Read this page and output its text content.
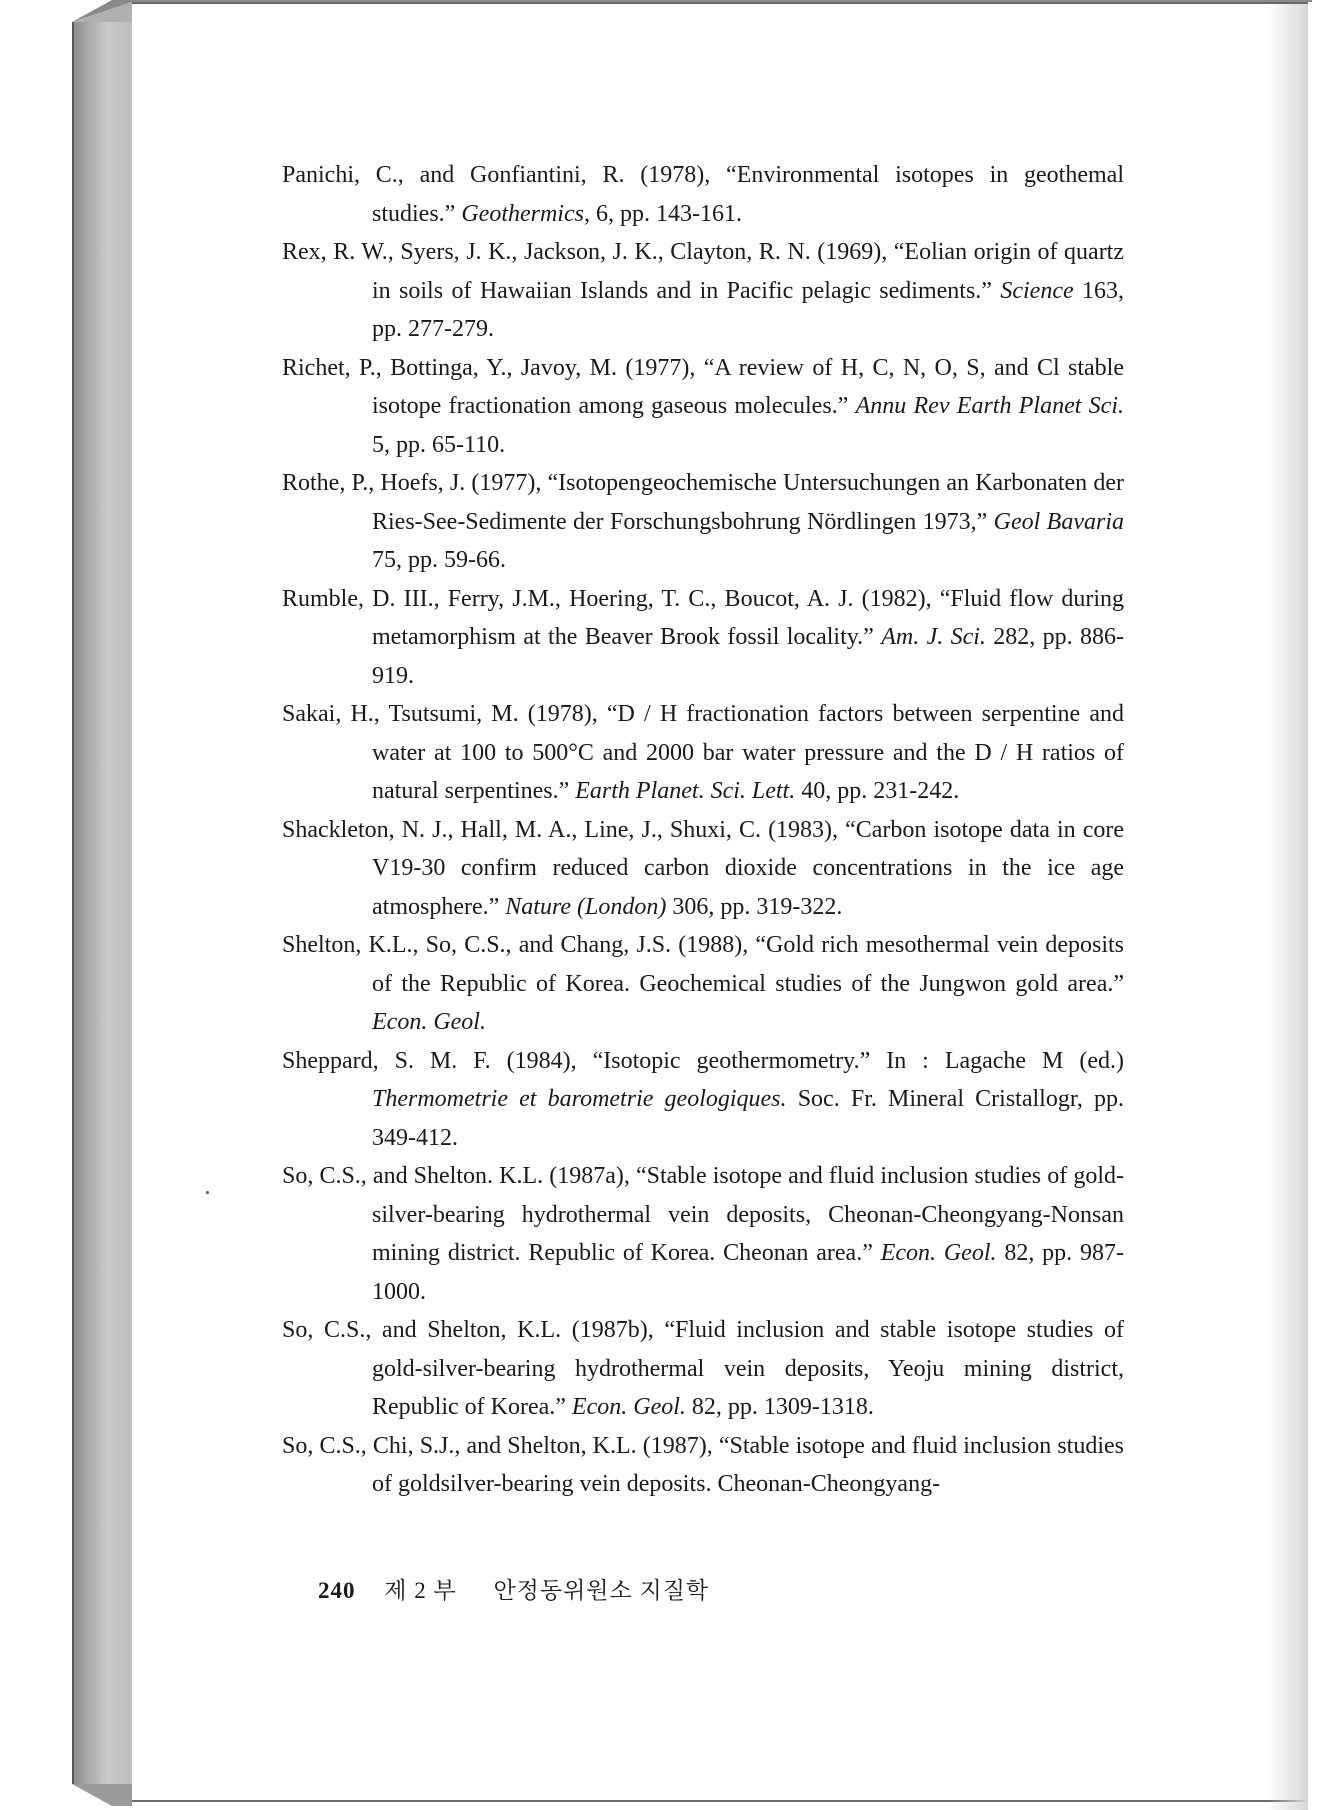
Panichi, C., and Gonfiantini, R. (1978), “Environmental isotopes in geothemal studies.” Geothermics, 6, pp. 143-161.

Rex, R. W., Syers, J. K., Jackson, J. K., Clayton, R. N. (1969), “Eolian origin of quartz in soils of Hawaiian Islands and in Pacific pelagic sediments.” Science 163, pp. 277-279.

Richet, P., Bottinga, Y., Javoy, M. (1977), “A review of H, C, N, O, S, and Cl stable isotope fractionation among gaseous molecules.” Annu Rev Earth Planet Sci. 5, pp. 65-110.

Rothe, P., Hoefs, J. (1977), “Isotopengeochemische Untersuchungen an Karbonaten der Ries-See-Sedimente der Forschungsbohrung Nördlingen 1973,” Geol Bavaria 75, pp. 59-66.

Rumble, D. III., Ferry, J.M., Hoering, T. C., Boucot, A. J. (1982), “Fluid flow during metamorphism at the Beaver Brook fossil locality.” Am. J. Sci. 282, pp. 886-919.

Sakai, H., Tsutsumi, M. (1978), “D / H fractionation factors between serpentine and water at 100 to 500°C and 2000 bar water pressure and the D / H ratios of natural serpentines.” Earth Planet. Sci. Lett. 40, pp. 231-242.

Shackleton, N. J., Hall, M. A., Line, J., Shuxi, C. (1983), “Carbon isotope data in core V19-30 confirm reduced carbon dioxide concentrations in the ice age atmosphere.” Nature (London) 306, pp. 319-322.

Shelton, K.L., So, C.S., and Chang, J.S. (1988), “Gold rich mesothermal vein deposits of the Republic of Korea. Geochemical studies of the Jungwon gold area.” Econ. Geol.

Sheppard, S. M. F. (1984), “Isotopic geothermometry.” In : Lagache M (ed.) Thermometrie et barometrie geologiques. Soc. Fr. Mineral Cristallogr, pp. 349-412.

So, C.S., and Shelton. K.L. (1987a), “Stable isotope and fluid inclusion studies of gold-silver-bearing hydrothermal vein deposits, Cheonan-Cheongyang-Nonsan mining district. Republic of Korea. Cheonan area.” Econ. Geol. 82, pp. 987-1000.

So, C.S., and Shelton, K.L. (1987b), “Fluid inclusion and stable isotope studies of gold-silver-bearing hydrothermal vein deposits, Yeoju mining district, Republic of Korea.” Econ. Geol. 82, pp. 1309-1318.

So, C.S., Chi, S.J., and Shelton, K.L. (1987), “Stable isotope and fluid inclusion studies of goldsilver-bearing vein deposits. Cheonan-Cheongyang-

240 제 2 부 안정동위원소 지질학
